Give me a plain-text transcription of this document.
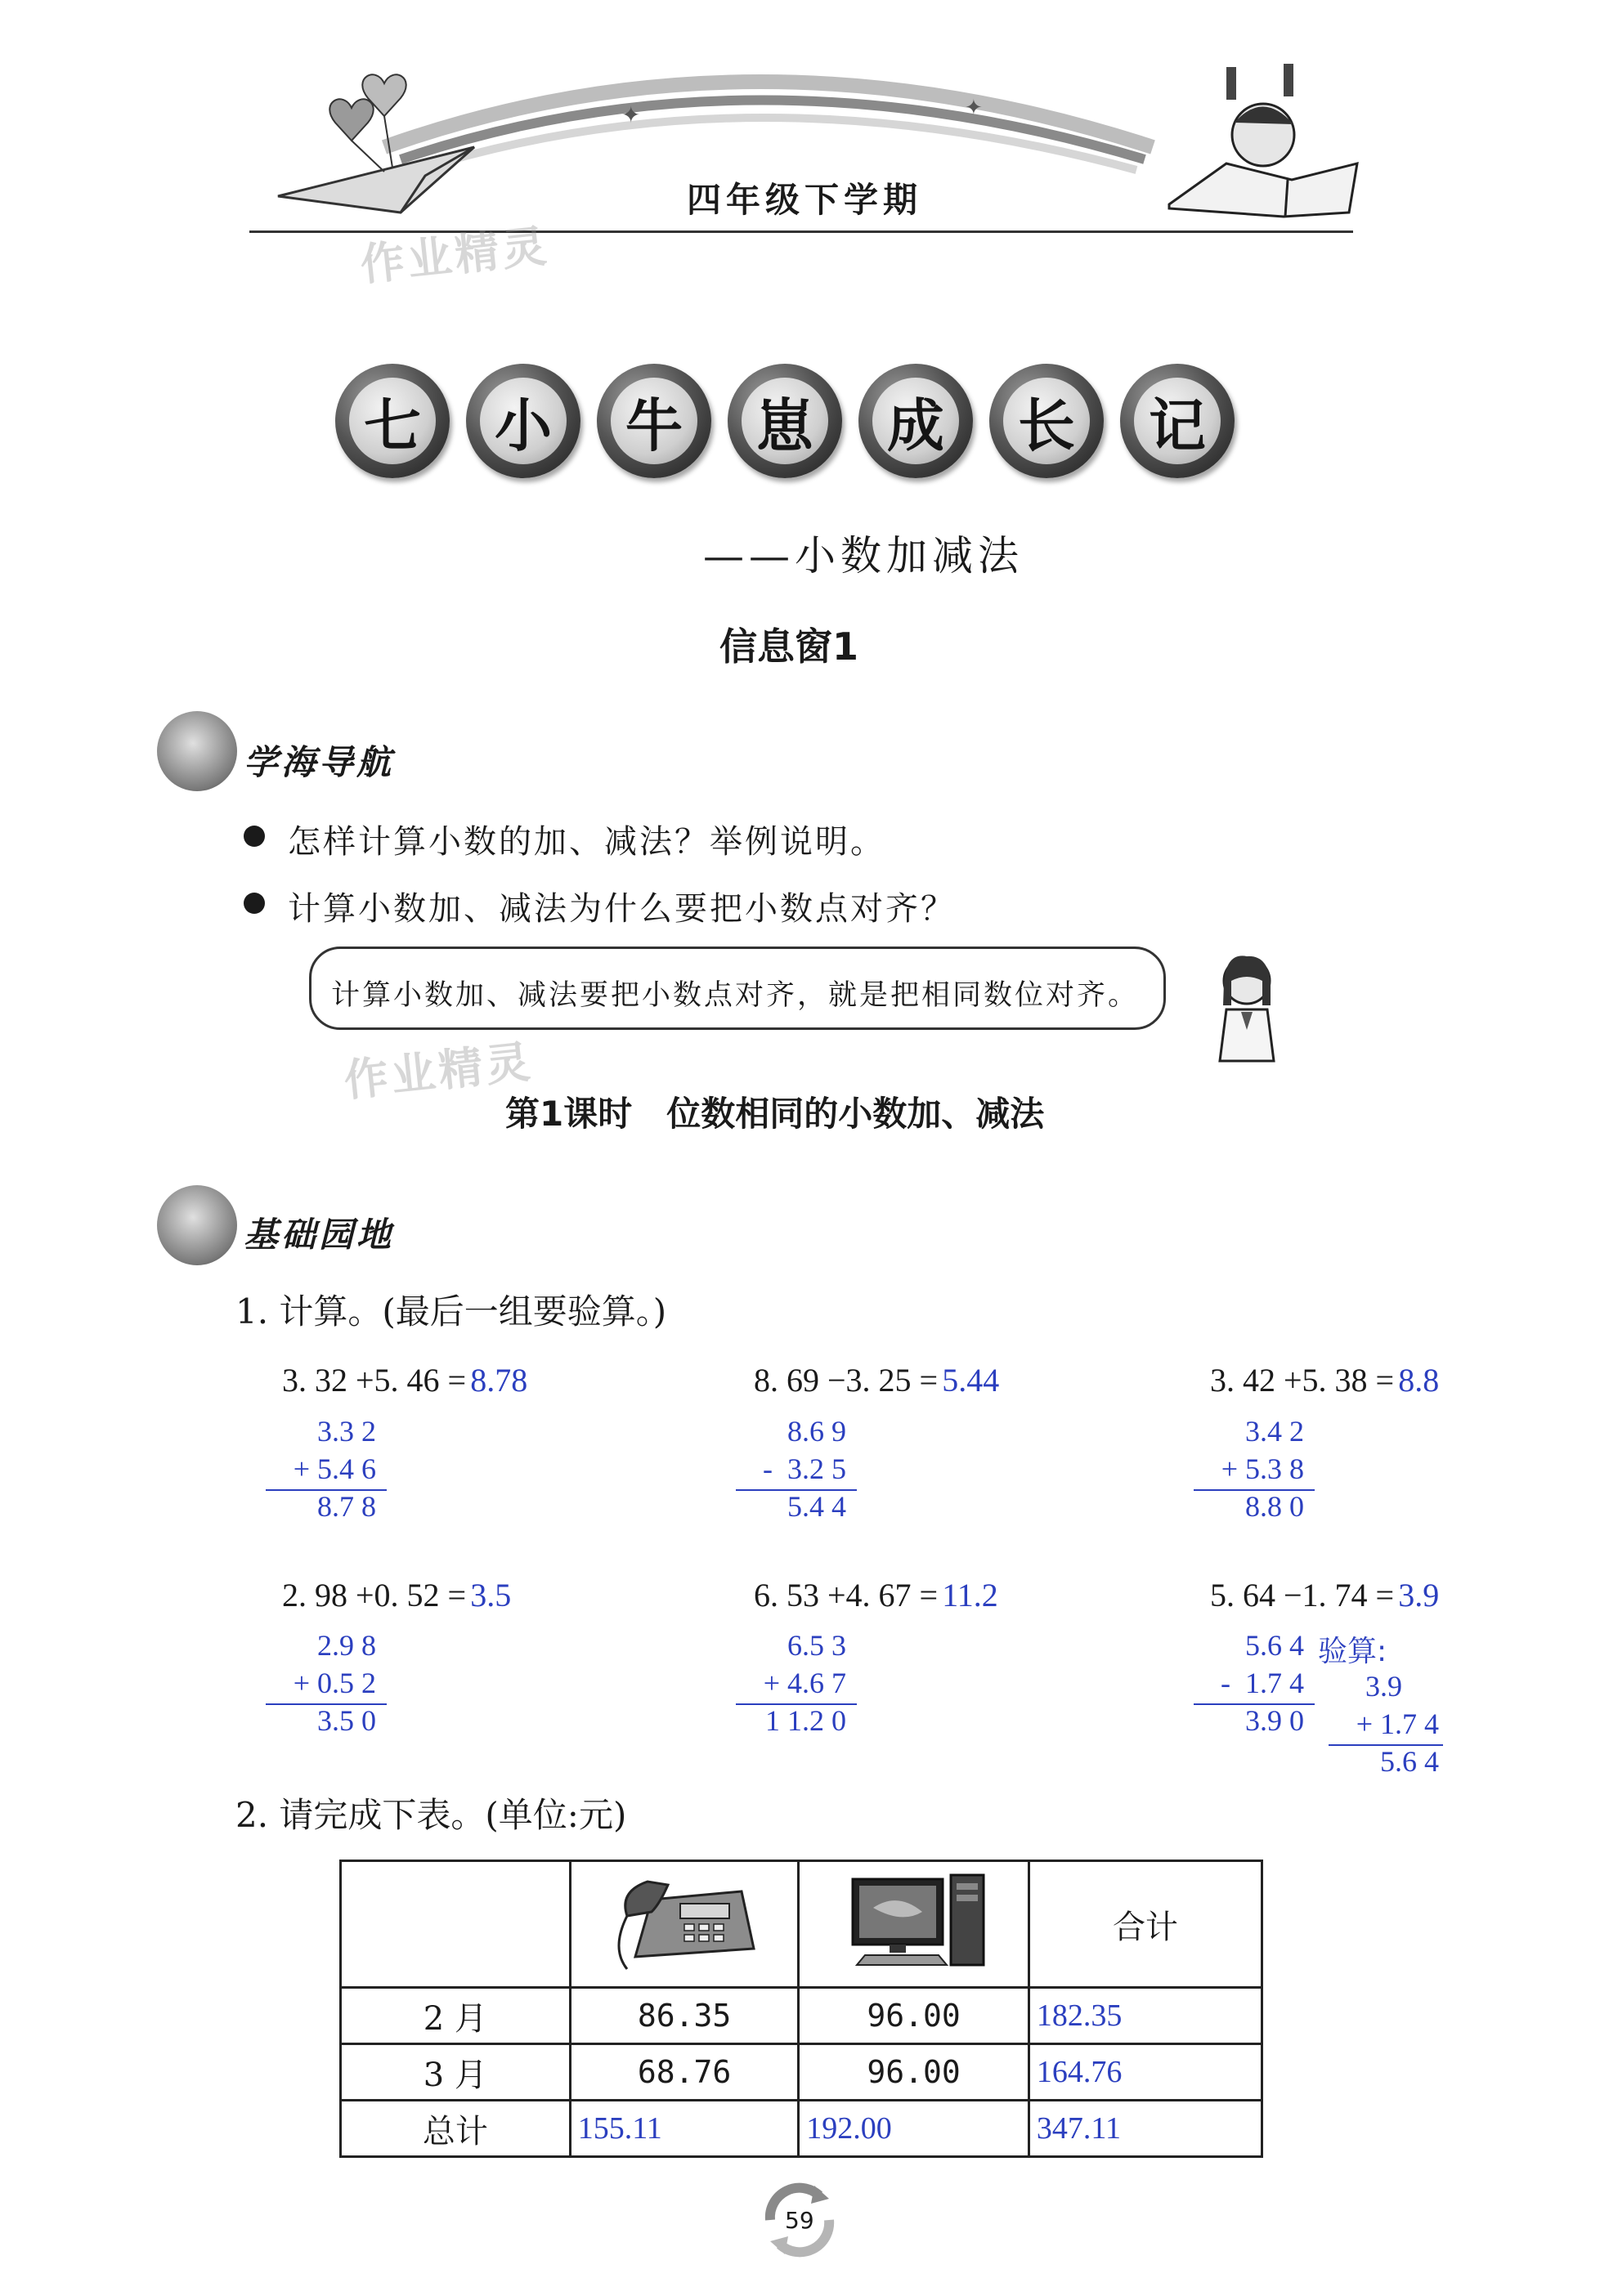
✦	✦
四年级下学期
作业精灵
七 小 牛 崽 成 长 记
——小数加减法
信息窗1
学海导航
怎样计算小数的加、减法？举例说明。
计算小数加、减法为什么要把小数点对齐？
计算小数加、减法要把小数点对齐，就是把相同数位对齐。
作业精灵
第1课时　位数相同的小数加、减法
基础园地
1. 计算。(最后一组要验算。)
3. 32 +5. 46 = 8.78
3.3 2
+ 5.4 6
8.7 8
8. 69 −3. 25 = 5.44
8.6 9
-  3.2 5
5.4 4
3. 42 +5. 38 = 8.8
3.4 2
+ 5.3 8
8.8 0
2. 98 +0. 52 = 3.5
2.9 8
+ 0.5 2
3.5 0
6. 53 +4. 67 = 11.2
6.5 3
+ 4.6 7
1 1.2 0
5. 64 −1. 74 = 3.9
5.6 4
-  1.7 4
3.9 0
验算:
3.9
+ 1.7 4
5.6 4
2. 请完成下表。(单位:元)
			合计
2 月	86.35	96.00	182.35
3 月	68.76	96.00	164.76
总计	155.11	192.00	347.11
59
